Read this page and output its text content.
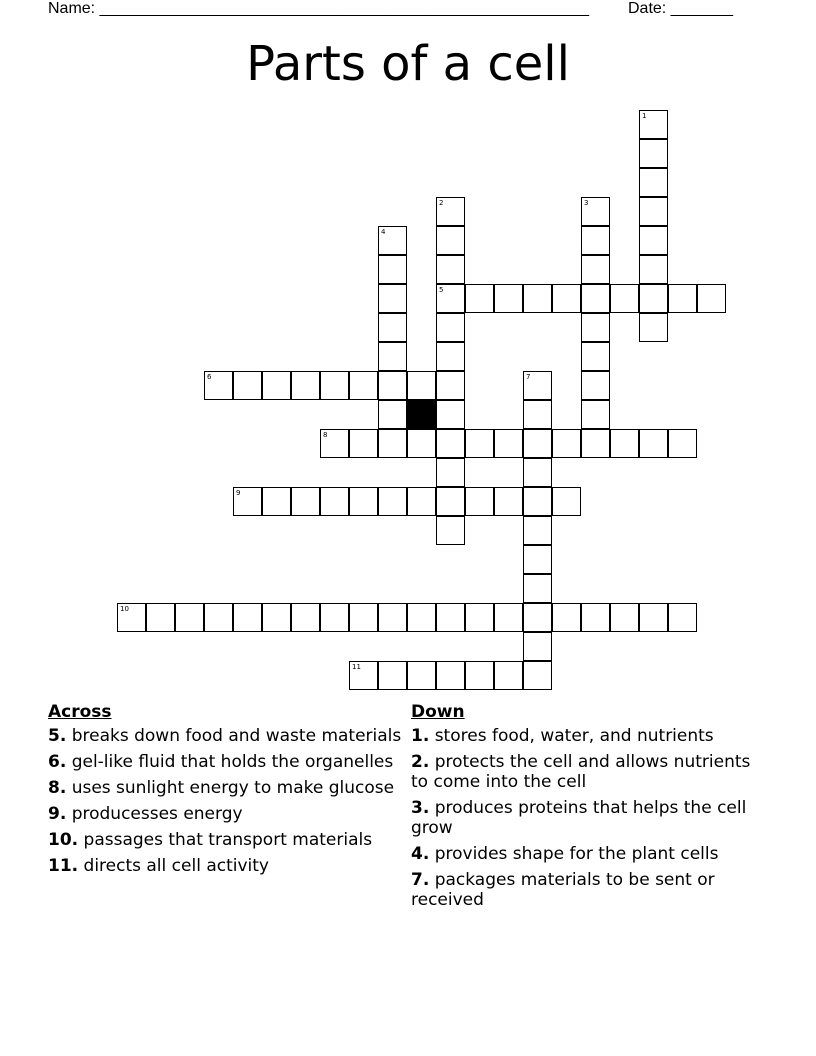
Name: _______________________________________________________ Date: _______
Parts of a cell
1
2
5
3
4
6	7
8
9
10
11
Across
5. breaks down food and waste materials
6. gel-like fluid that holds the organelles
8. uses sunlight energy to make glucose
9. producesses energy
10. passages that transport materials
11. directs all cell activity
Down
1. stores food, water, and nutrients
2. protects the cell and allows nutrients to come into the cell
3. produces proteins that helps the cell grow
4. provides shape for the plant cells
7. packages materials to be sent or received
